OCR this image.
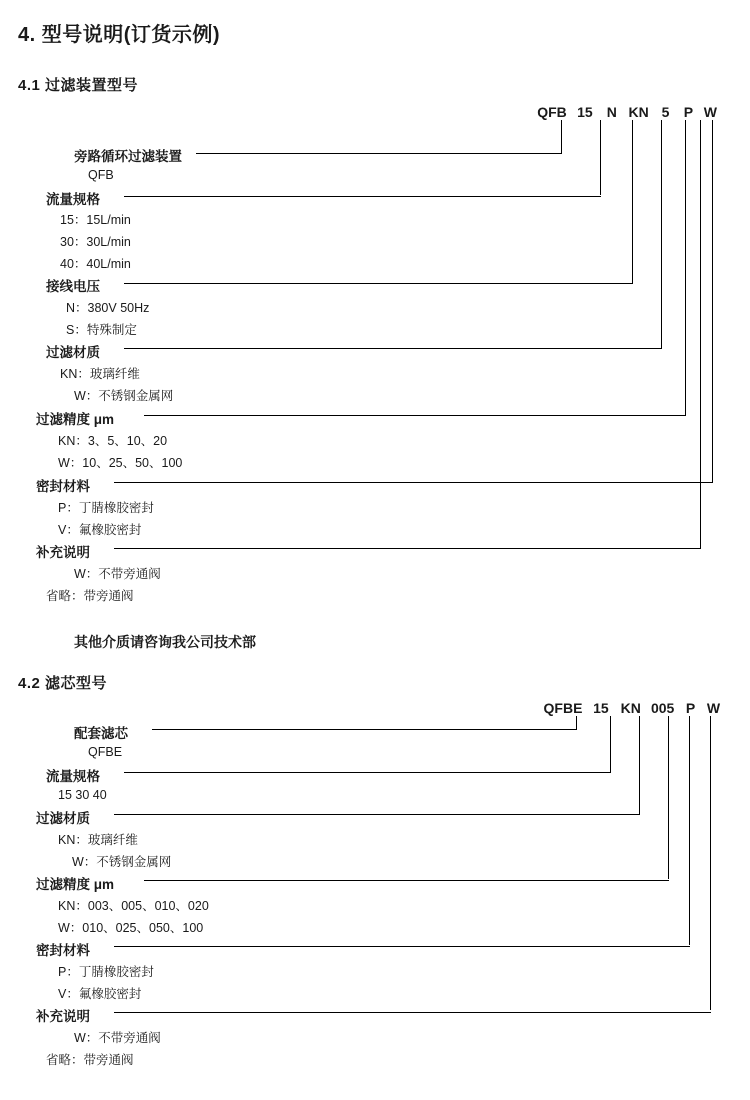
4. 型号说明(订货示例)
4.1 过滤装置型号
QFB 15 N KN 5 P W
旁路循环过滤装置
QFB
流量规格
15：15L/min
30：30L/min
40：40L/min
接线电压
N：380V 50Hz
S：特殊制定
过滤材质
KN：玻璃纤维
W：不锈钢金属网
过滤精度 μm
KN：3、5、10、20
W：10、25、50、100
密封材料
P：丁腈橡胶密封
V：氟橡胶密封
补充说明
W：不带旁通阀
省略：带旁通阀
其他介质请咨询我公司技术部
4.2 滤芯型号
QFBE 15 KN 005 P W
配套滤芯
QFBE
流量规格
15 30 40
过滤材质
KN：玻璃纤维
W：不锈钢金属网
过滤精度 μm
KN：003、005、010、020
W：010、025、050、100
密封材料
P：丁腈橡胶密封
V：氟橡胶密封
补充说明
W：不带旁通阀
省略：带旁通阀
